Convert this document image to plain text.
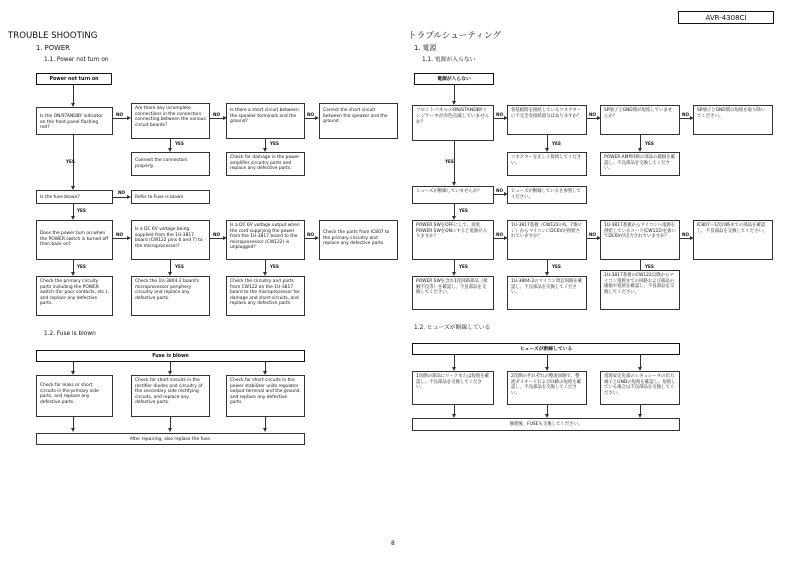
AVR-4308CI
TROUBLE SHOOTING
1. POWER
1.1. Power not turn on
Power not turn on
Is the ON/STANDBY indicator on the front panel flashing red?
NO
Are there any incomplete connections in the connectors connecting between the various circuit boards?
NO
Is there a short circuit between the speaker terminals and the ground?
NO
Correct the short circuit between the speaker and the ground.
YES	YES
Connect the connectors properly.
Check for damage in the power amplifier circuitry parts and replace any defective parts.
YES
Is the fuse blown?
NO
Refer to Fuse is blown
YES
Does the power turn on when the POWER switch is turned off then back on?
NO
Is a DC 6V voltage being supplied from the 1U-3817 board (CW122 pins 6 and 7) to the microprocessor?
NO
Is a DC 6V voltage output when the cord supplying the power from the 1U-3817 board to the microprocessor (CW122) is unplugged?
NO	Check the parts from IC807 to the primary circuitry and replace any defective parts.
YES	YES	YES
Check the primary circuity parts including the POWER switch (for poor contacts, etc.), and replace any defective parts.
Check the 1U-3804-2 board's microprocessor periphery circuitry and replace any defective parts.
Check the circuitry and parts from CW122 on the 1U-3817 board to the microprocessor for damage and short-circuits, and replace any defective parts.
1.2. Fuse is blown
Fuse is blown
Check for leaks or short circuits in the primary side parts, and replace any defective parts.
Check for short circuits in the rectifier diodes and circuitry of the secondary side rectifying circuits, and replace any defective parts.
Check for short circuits in the power stabilizer units regulator output terminal and the ground, and replace any defective parts.
After repairing, also replace the fuse.
トラブルシューティング
1. 電源
1.1. 電源が入らない
電源が入らない
フロントパネルのON/STANDBYインジケータが赤色点滅していませんか？
NO
各基板間を接続しているコネクターに不完全な接続部分はありますか？	NO
SP端子とGND間が短絡していませんか？	NO
SP端子とGND間の短絡を取り除いてください。
YES	YES
コネクターを正しく接続してください。
POWER AMP回路の部品の破損を確認し、不良部品を交換してください。
YES
ヒューズが断線していませんか？	NO	ヒューズが断線しているを参照してください。
YES
POWER SWをOFFにして、再度POWER SWをONにすると電源が入りますか？	NO
1U-3817基板（CW122の6、7番ピン）からマイコンにDC6Vが供給されていますか？	NO
1U-3817基板からマイコンへ電源を供給しているコード(CW122)を抜いてDC6Vが出力されていますか？	NO
IC807～1次回路までの部品を確認し、不良部品を交換してください。
YES	YES	YES
POWER SWを含む1次回路部品（接触不良等）を確認し、不良部品を交換してください。
1U-3804-2のマイコン周辺回路を確認し、不良部品を交換してください。
1U-3817基板のCW122以降からマイコン電源までの回路および部品の破損や短絡を確認し、不良部品を交換してください。
1.2. ヒューズが断線している
ヒューズが断線している
1次側の部品にリークまたは短絡を確認し、不良部品を交換してください。
2次側のそれぞれの整流回路で、整流ダイオードおよび回路の短絡を確認し、不良部品を交換してください。
電源安定化部のレギュレータの出力端子とGNDの短絡を確認し、短絡している場合は不良部品を交換してください。
修理後、FUSEも交換してください。
8
